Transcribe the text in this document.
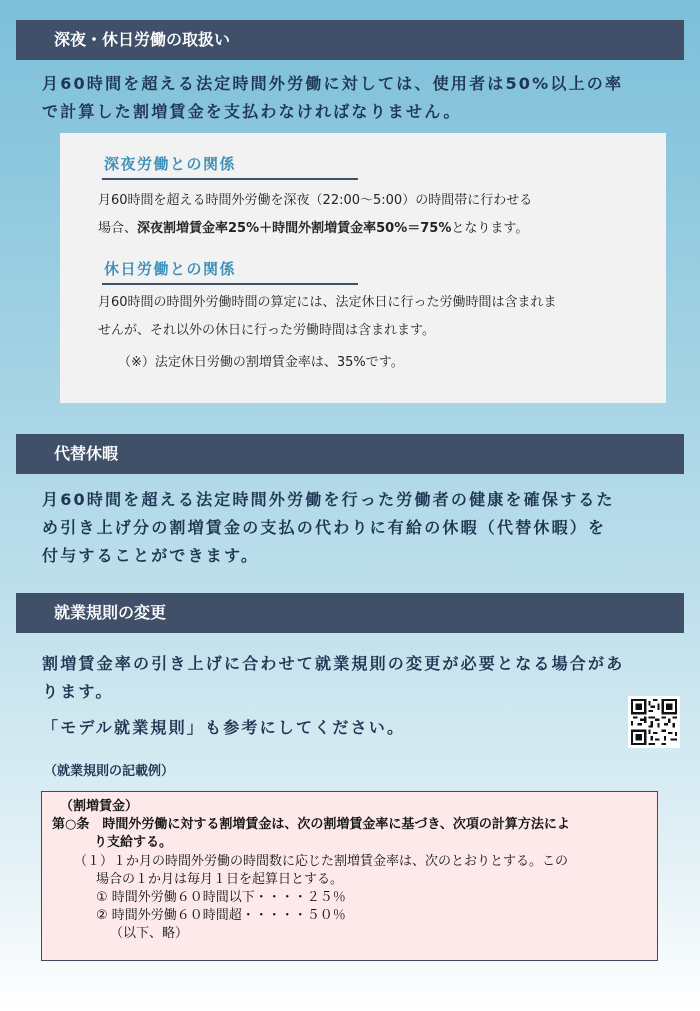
深夜・休日労働の取扱い
月60時間を超える法定時間外労働に対しては、使用者は50%以上の率
で計算した割増賃金を支払わなければなりません。
深夜労働との関係
月60時間を超える時間外労働を深夜（22:00～5:00）の時間帯に行わせる
場合、深夜割増賃金率25%＋時間外割増賃金率50%＝75%となります。
休日労働との関係
月60時間の時間外労働時間の算定には、法定休日に行った労働時間は含まれま
せんが、それ以外の休日に行った労働時間は含まれます。
（※）法定休日労働の割増賃金率は、35%です。
代替休暇
月60時間を超える法定時間外労働を行った労働者の健康を確保するた
め引き上げ分の割増賃金の支払の代わりに有給の休暇（代替休暇）を
付与することができます。
就業規則の変更
割増賃金率の引き上げに合わせて就業規則の変更が必要となる場合があ
ります。
「モデル就業規則」も参考にしてください。
（就業規則の記載例）
（割増賃金）
第○条　時間外労働に対する割増賃金は、次の割増賃金率に基づき、次項の計算方法によ
り支給する。
（１）１か月の時間外労働の時間数に応じた割増賃金率は、次のとおりとする。この
場合の１か月は毎月１日を起算日とする。
① 時間外労働６０時間以下・・・・２５％
② 時間外労働６０時間超・・・・・５０％
（以下、略）
